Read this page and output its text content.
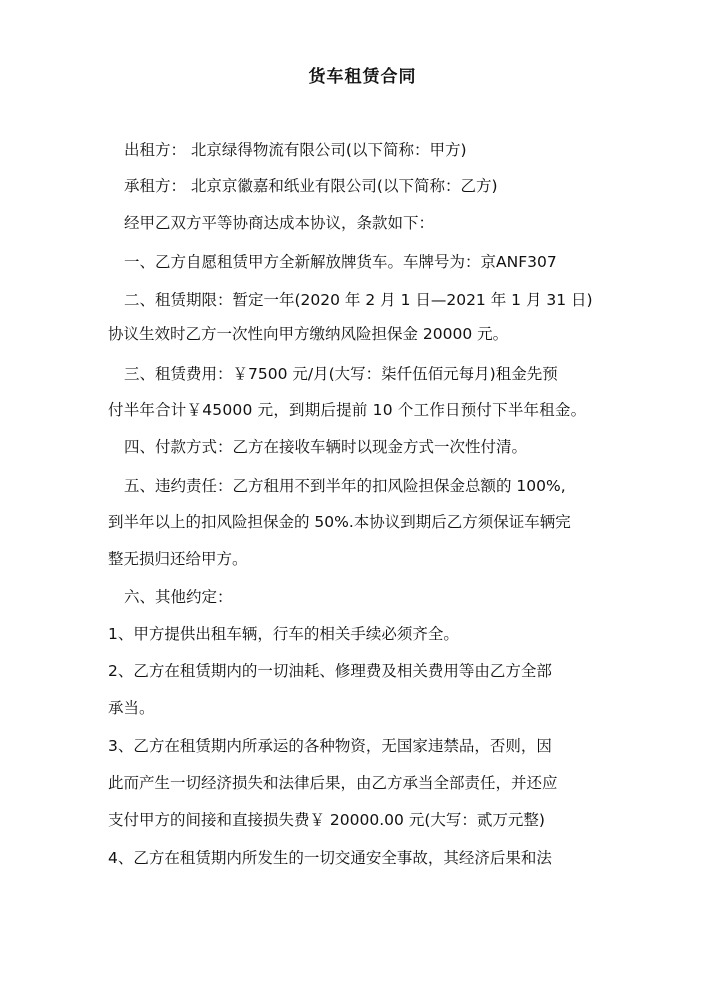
货车租赁合同
出租方： 北京绿得物流有限公司(以下简称：甲方)
承租方： 北京京徽嘉和纸业有限公司(以下简称：乙方)
经甲乙双方平等协商达成本协议，条款如下：
一、乙方自愿租赁甲方全新解放牌货车。车牌号为：京ANF307
二、租赁期限：暂定一年(2020 年 2 月 1 日—2021 年 1 月 31 日)
协议生效时乙方一次性向甲方缴纳风险担保金 20000 元。
三、租赁费用：￥7500 元/月(大写：柒仟伍佰元每月)租金先预
付半年合计￥45000 元，到期后提前 10 个工作日预付下半年租金。
四、付款方式：乙方在接收车辆时以现金方式一次性付清。
五、违约责任：乙方租用不到半年的扣风险担保金总额的 100%,
到半年以上的扣风险担保金的 50%.本协议到期后乙方须保证车辆完
整无损归还给甲方。
六、其他约定：
1、甲方提供出租车辆，行车的相关手续必须齐全。
2、乙方在租赁期内的一切油耗、修理费及相关费用等由乙方全部
承当。
3、乙方在租赁期内所承运的各种物资，无国家违禁品，否则，因
此而产生一切经济损失和法律后果，由乙方承当全部责任，并还应
支付甲方的间接和直接损失费￥ 20000.00 元(大写：贰万元整)
4、乙方在租赁期内所发生的一切交通安全事故，其经济后果和法
